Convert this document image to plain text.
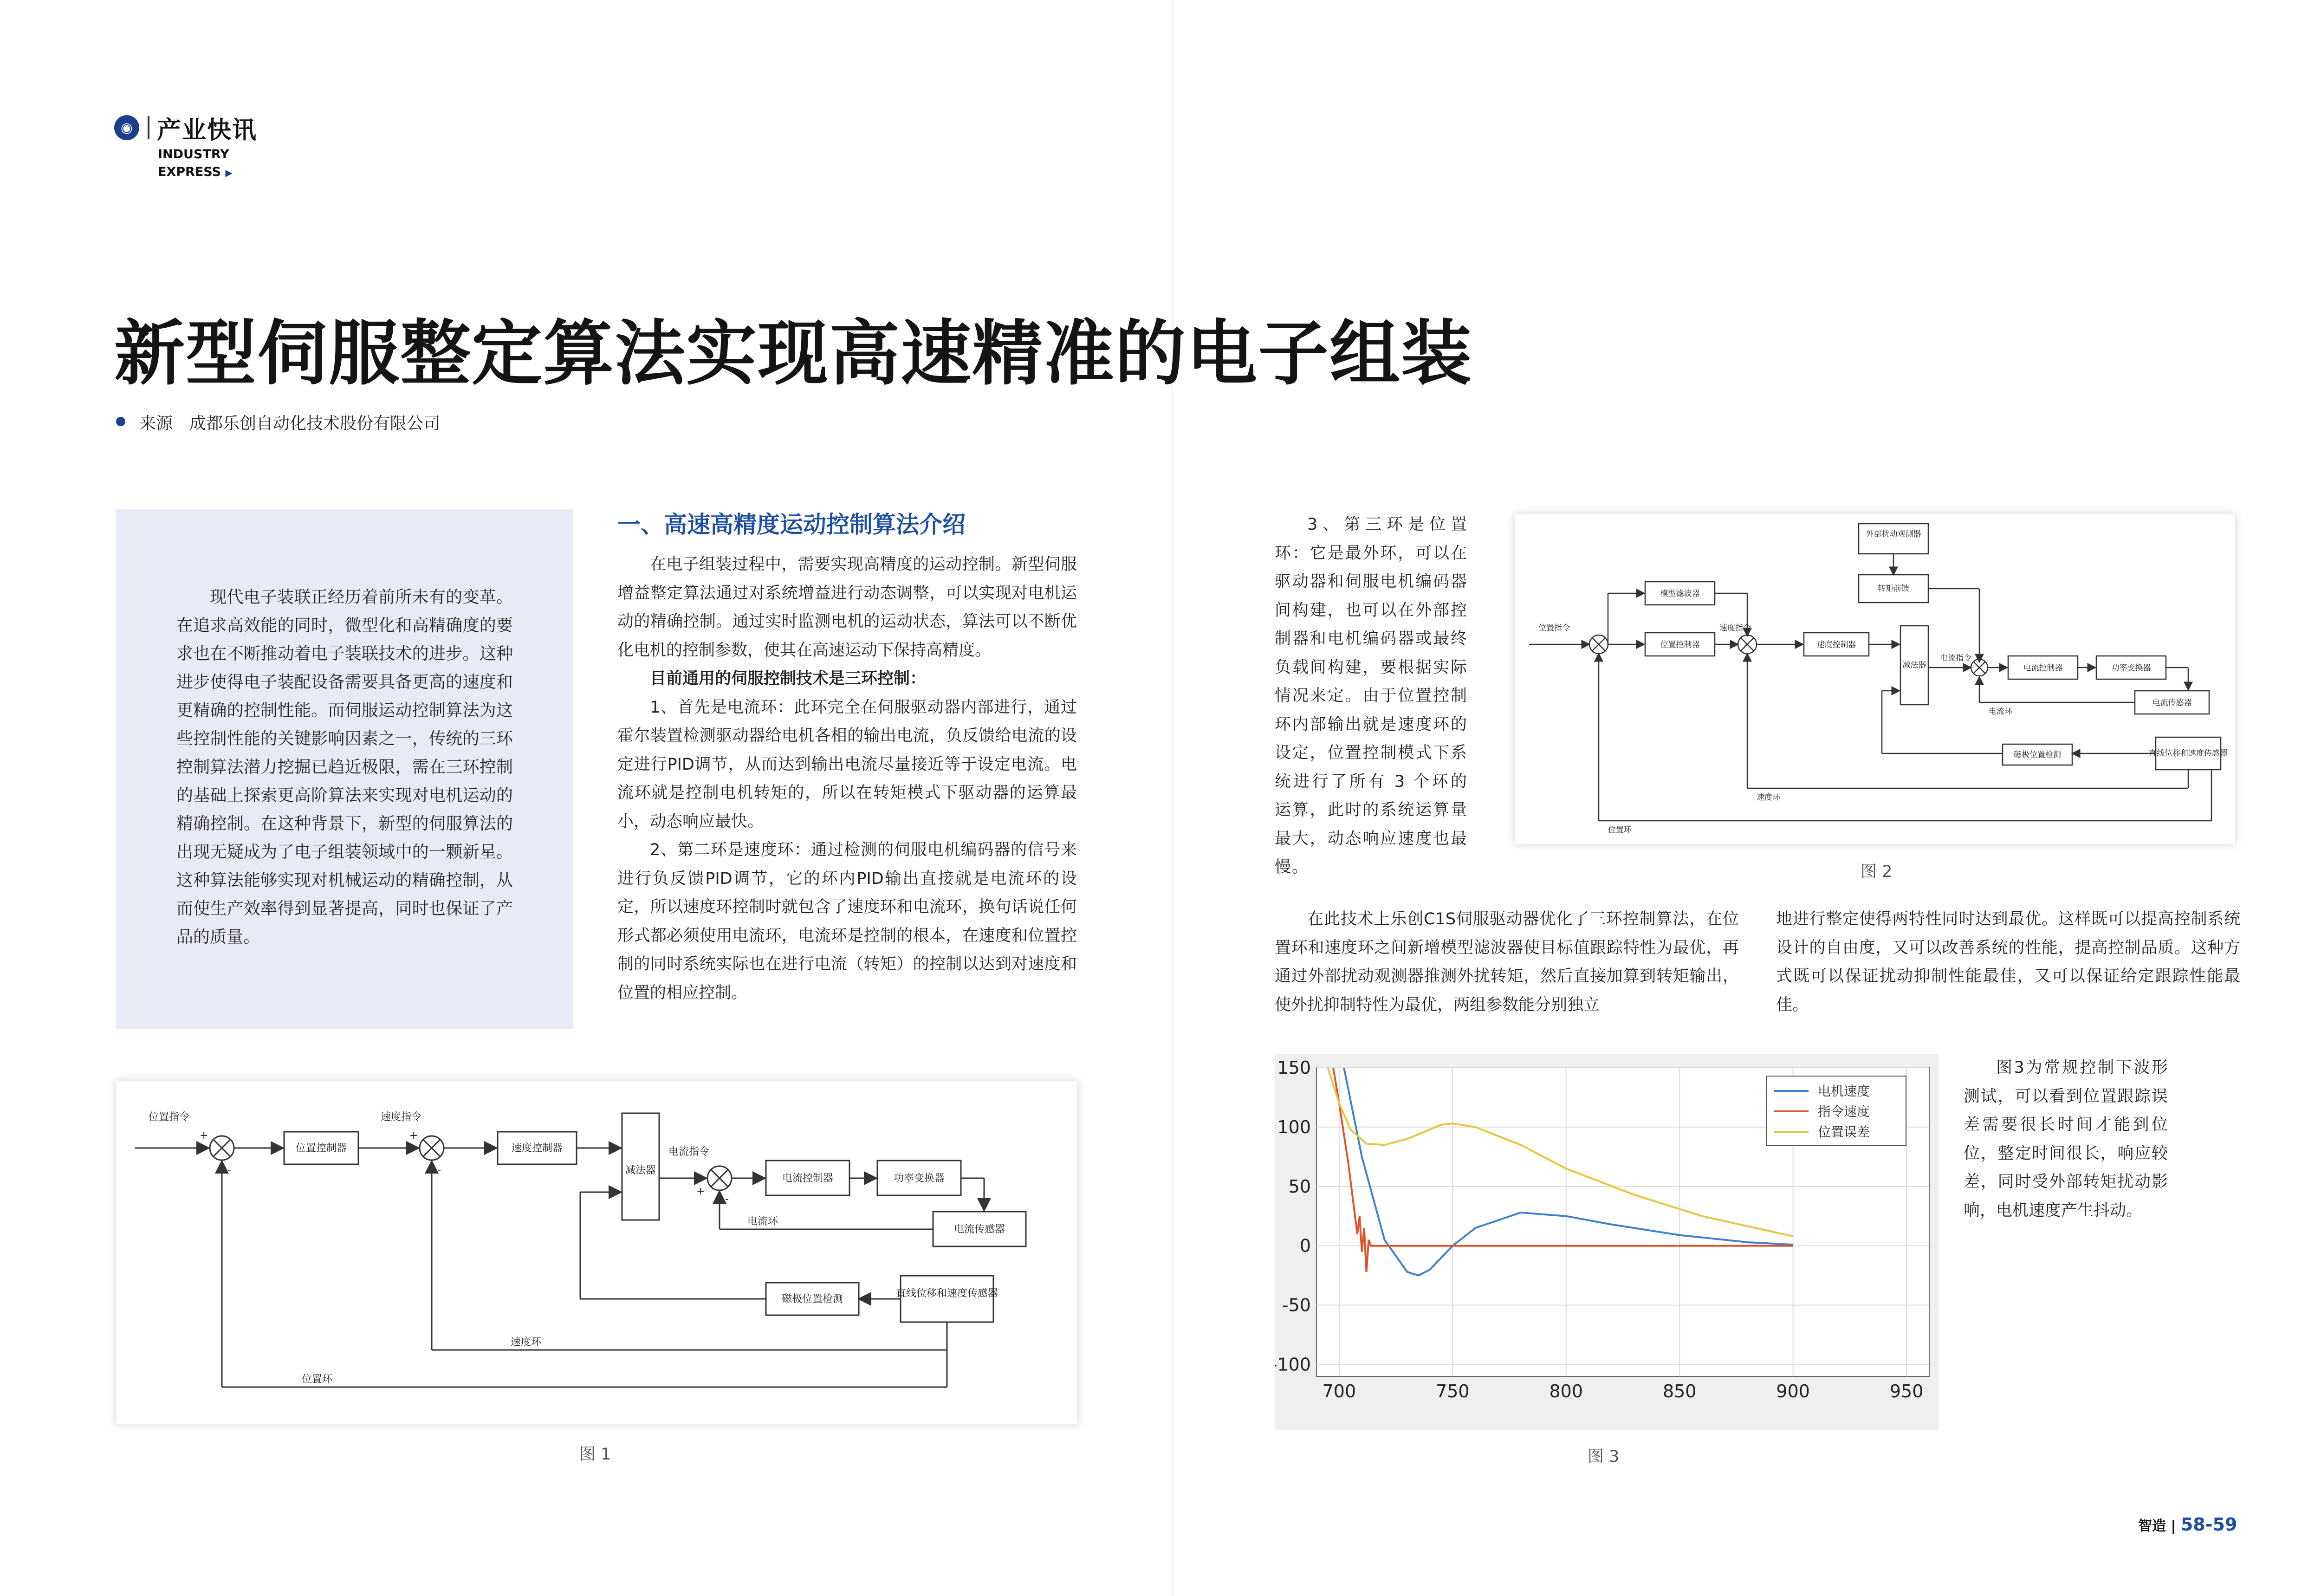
◉ 产业快讯
INDUSTRY
EXPRESS ▶
新型伺服整定算法实现高速精准的电子组装
来源 成都乐创自动化技术股份有限公司

现代电子装联正经历着前所未有的变革。在追求高效能的同时，微型化和高精确度的要求也在不断推动着电子装联技术的进步。这种进步使得电子装配设备需要具备更高的速度和更精确的控制性能。而伺服运动控制算法为这些控制性能的关键影响因素之一，传统的三环控制算法潜力挖掘已趋近极限，需在三环控制的基础上探索更高阶算法来实现对电机运动的精确控制。在这种背景下，新型的伺服算法的出现无疑成为了电子组装领域中的一颗新星。这种算法能够实现对机械运动的精确控制，从而使生产效率得到显著提高，同时也保证了产品的质量。

一、高速高精度运动控制算法介绍

在电子组装过程中，需要实现高精度的运动控制。新型伺服增益整定算法通过对系统增益进行动态调整，可以实现对电机运动的精确控制。通过实时监测电机的运动状态，算法可以不断优化电机的控制参数，使其在高速运动下保持高精度。

目前通用的伺服控制技术是三环控制：

1、首先是电流环：此环完全在伺服驱动器内部进行，通过霍尔装置检测驱动器给电机各相的输出电流，负反馈给电流的设定进行PID调节，从而达到输出电流尽量接近等于设定电流。电流环就是控制电机转矩的，所以在转矩模式下驱动器的运算最小，动态响应最快。

2、第二环是速度环：通过检测的伺服电机编码器的信号来进行负反馈PID调节，它的环内PID输出直接就是电流环的设定，所以速度环控制时就包含了速度环和电流环，换句话说任何形式都必须使用电流环，电流环是控制的根本，在速度和位置控制的同时系统实际也在进行电流（转矩）的控制以达到对速度和位置的相应控制。

3、第三环是位置环：它是最外环，可以在驱动器和伺服电机编码器间构建，也可以在外部控制器和电机编码器或最终负载间构建，要根据实际情况来定。由于位置控制环内部输出就是速度环的设定，位置控制模式下系统进行了所有 3 个环的运算，此时的系统运算量最大，动态响应速度也最慢。

在此技术上乐创C1S伺服驱动器优化了三环控制算法，在位置环和速度环之间新增模型滤波器使目标值跟踪特性为最优，再通过外部扰动观测器推测外扰转矩，然后直接加算到转矩输出，使外扰抑制特性为最优，两组参数能分别独立

地进行整定使得两特性同时达到最优。这样既可以提高控制系统设计的自由度，又可以改善系统的性能，提高控制品质。这种方式既可以保证扰动抑制性能最佳，又可以保证给定跟踪性能最佳。

图3为常规控制下波形测试，可以看到位置跟踪误差需要很长时间才能到位位，整定时间很长，响应较差，同时受外部转矩扰动影响，电机速度产生抖动。

位置指令
+
-
位置控制器
速度指令
+
-
速度控制器
减法器
电流指令
+
-
电流控制器	功率变换器
电流传感器
电流环
直线位移和速度传感器
磁极位置检测
速度环
位置环
图 1
外部扰动观测器
转矩前馈
模型滤波器
位置指令
位置控制器
速度指令
速度控制器
减法器
电流指令
电流控制器	功率变换器
电流传感器
电流环
直线位移和速度传感器
磁极位置检测
速度环
位置环
图 2
700	750	800	850	900	950
150
100
50
0
-50
-100
电机速度
指令速度
位置误差
图 3
智造 | 58-59
